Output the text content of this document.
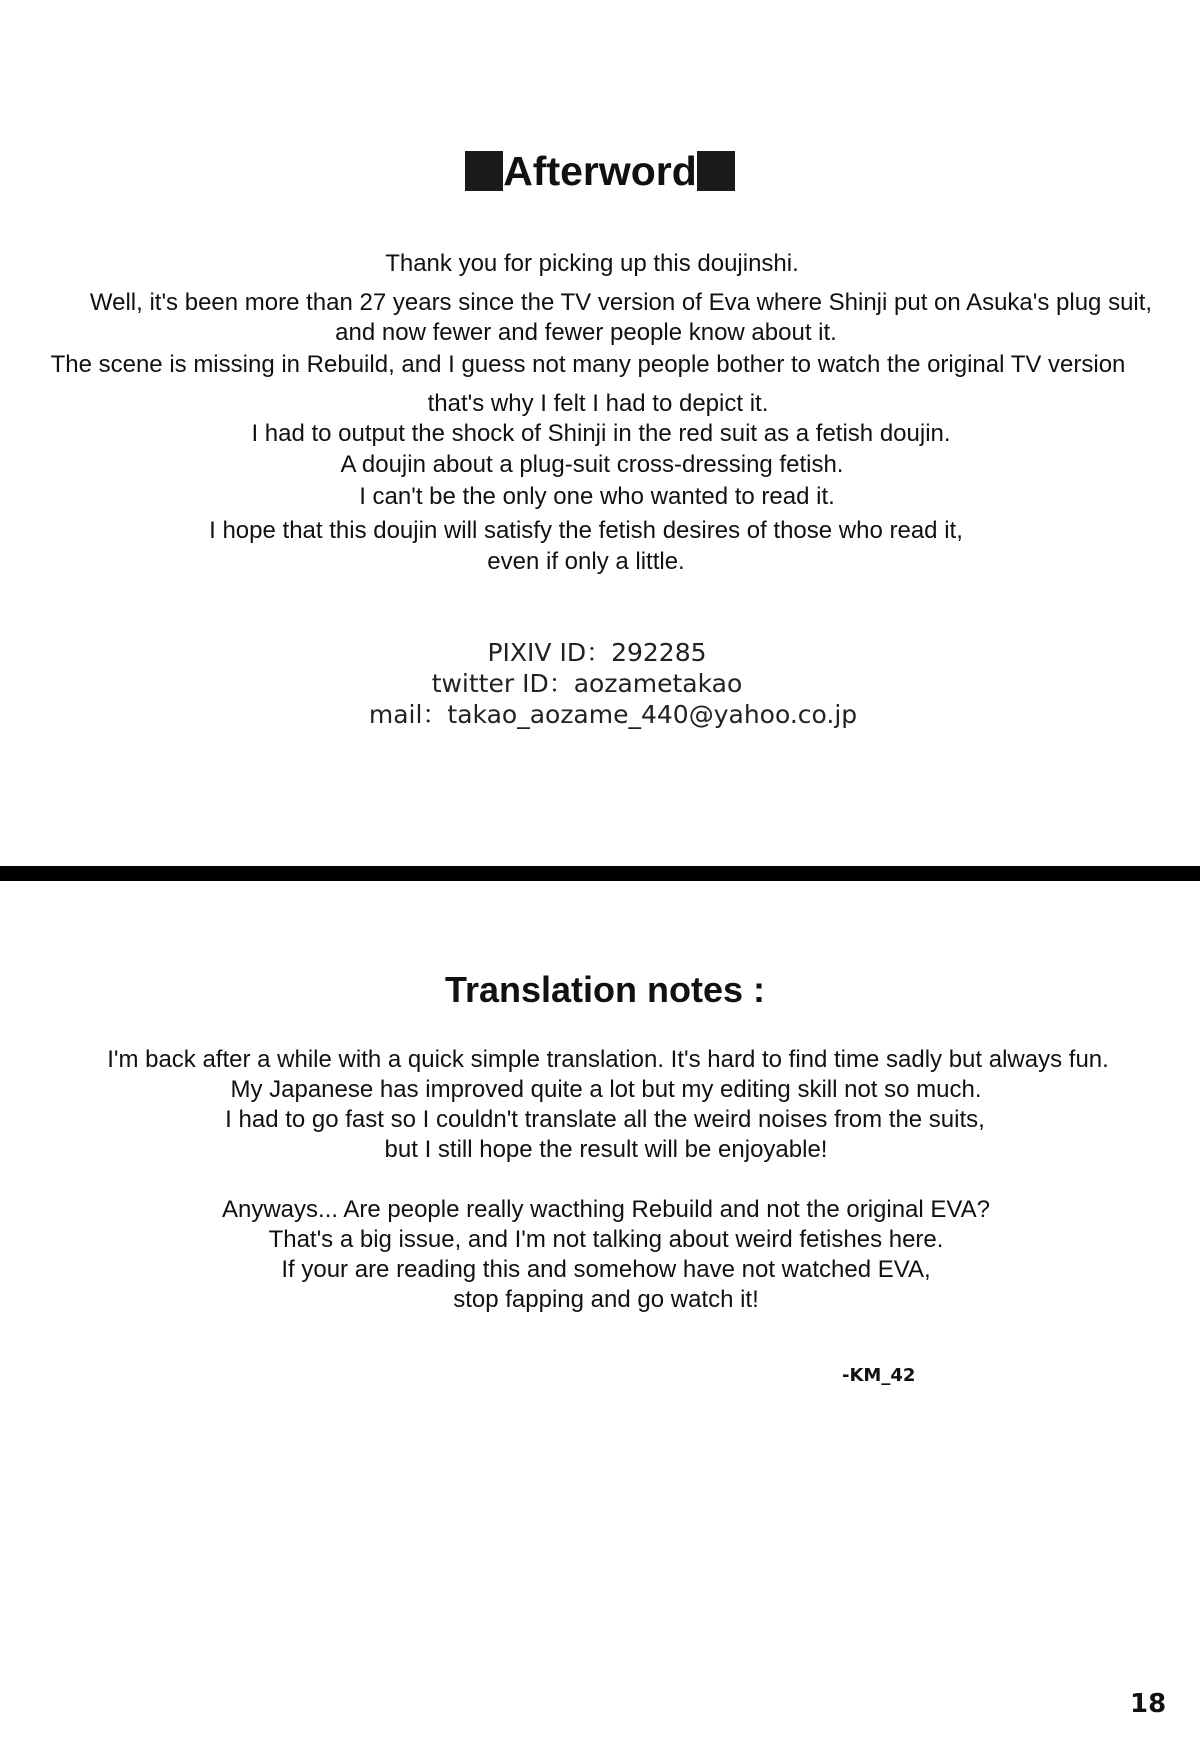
Afterword
Thank you for picking up this doujinshi.
Well, it's been more than 27 years since the TV version of Eva where Shinji put on Asuka's plug suit,
and now fewer and fewer people know about it.
The scene is missing in Rebuild, and I guess not many people bother to watch the original TV version
that's why I felt I had to depict it.
I had to output the shock of Shinji in the red suit as a fetish doujin.
A doujin about a plug-suit cross-dressing fetish.
I can't be the only one who wanted to read it.
I hope that this doujin will satisfy the fetish desires of those who read it,
even if only a little.
PIXIV ID：292285
twitter ID：aozametakao
mail：takao_aozame_440@yahoo.co.jp
Translation notes :
I'm back after a while with a quick simple translation. It's hard to find time sadly but always fun.
My Japanese has improved quite a lot but my editing skill not so much.
I had to go fast so I couldn't translate all the weird noises from the suits,
but I still hope the result will be enjoyable!
Anyways... Are people really wacthing Rebuild and not the original EVA?
That's a big issue, and I'm not talking about weird fetishes here.
If your are reading this and somehow have not watched EVA,
stop fapping and go watch it!
-KM_42
18
